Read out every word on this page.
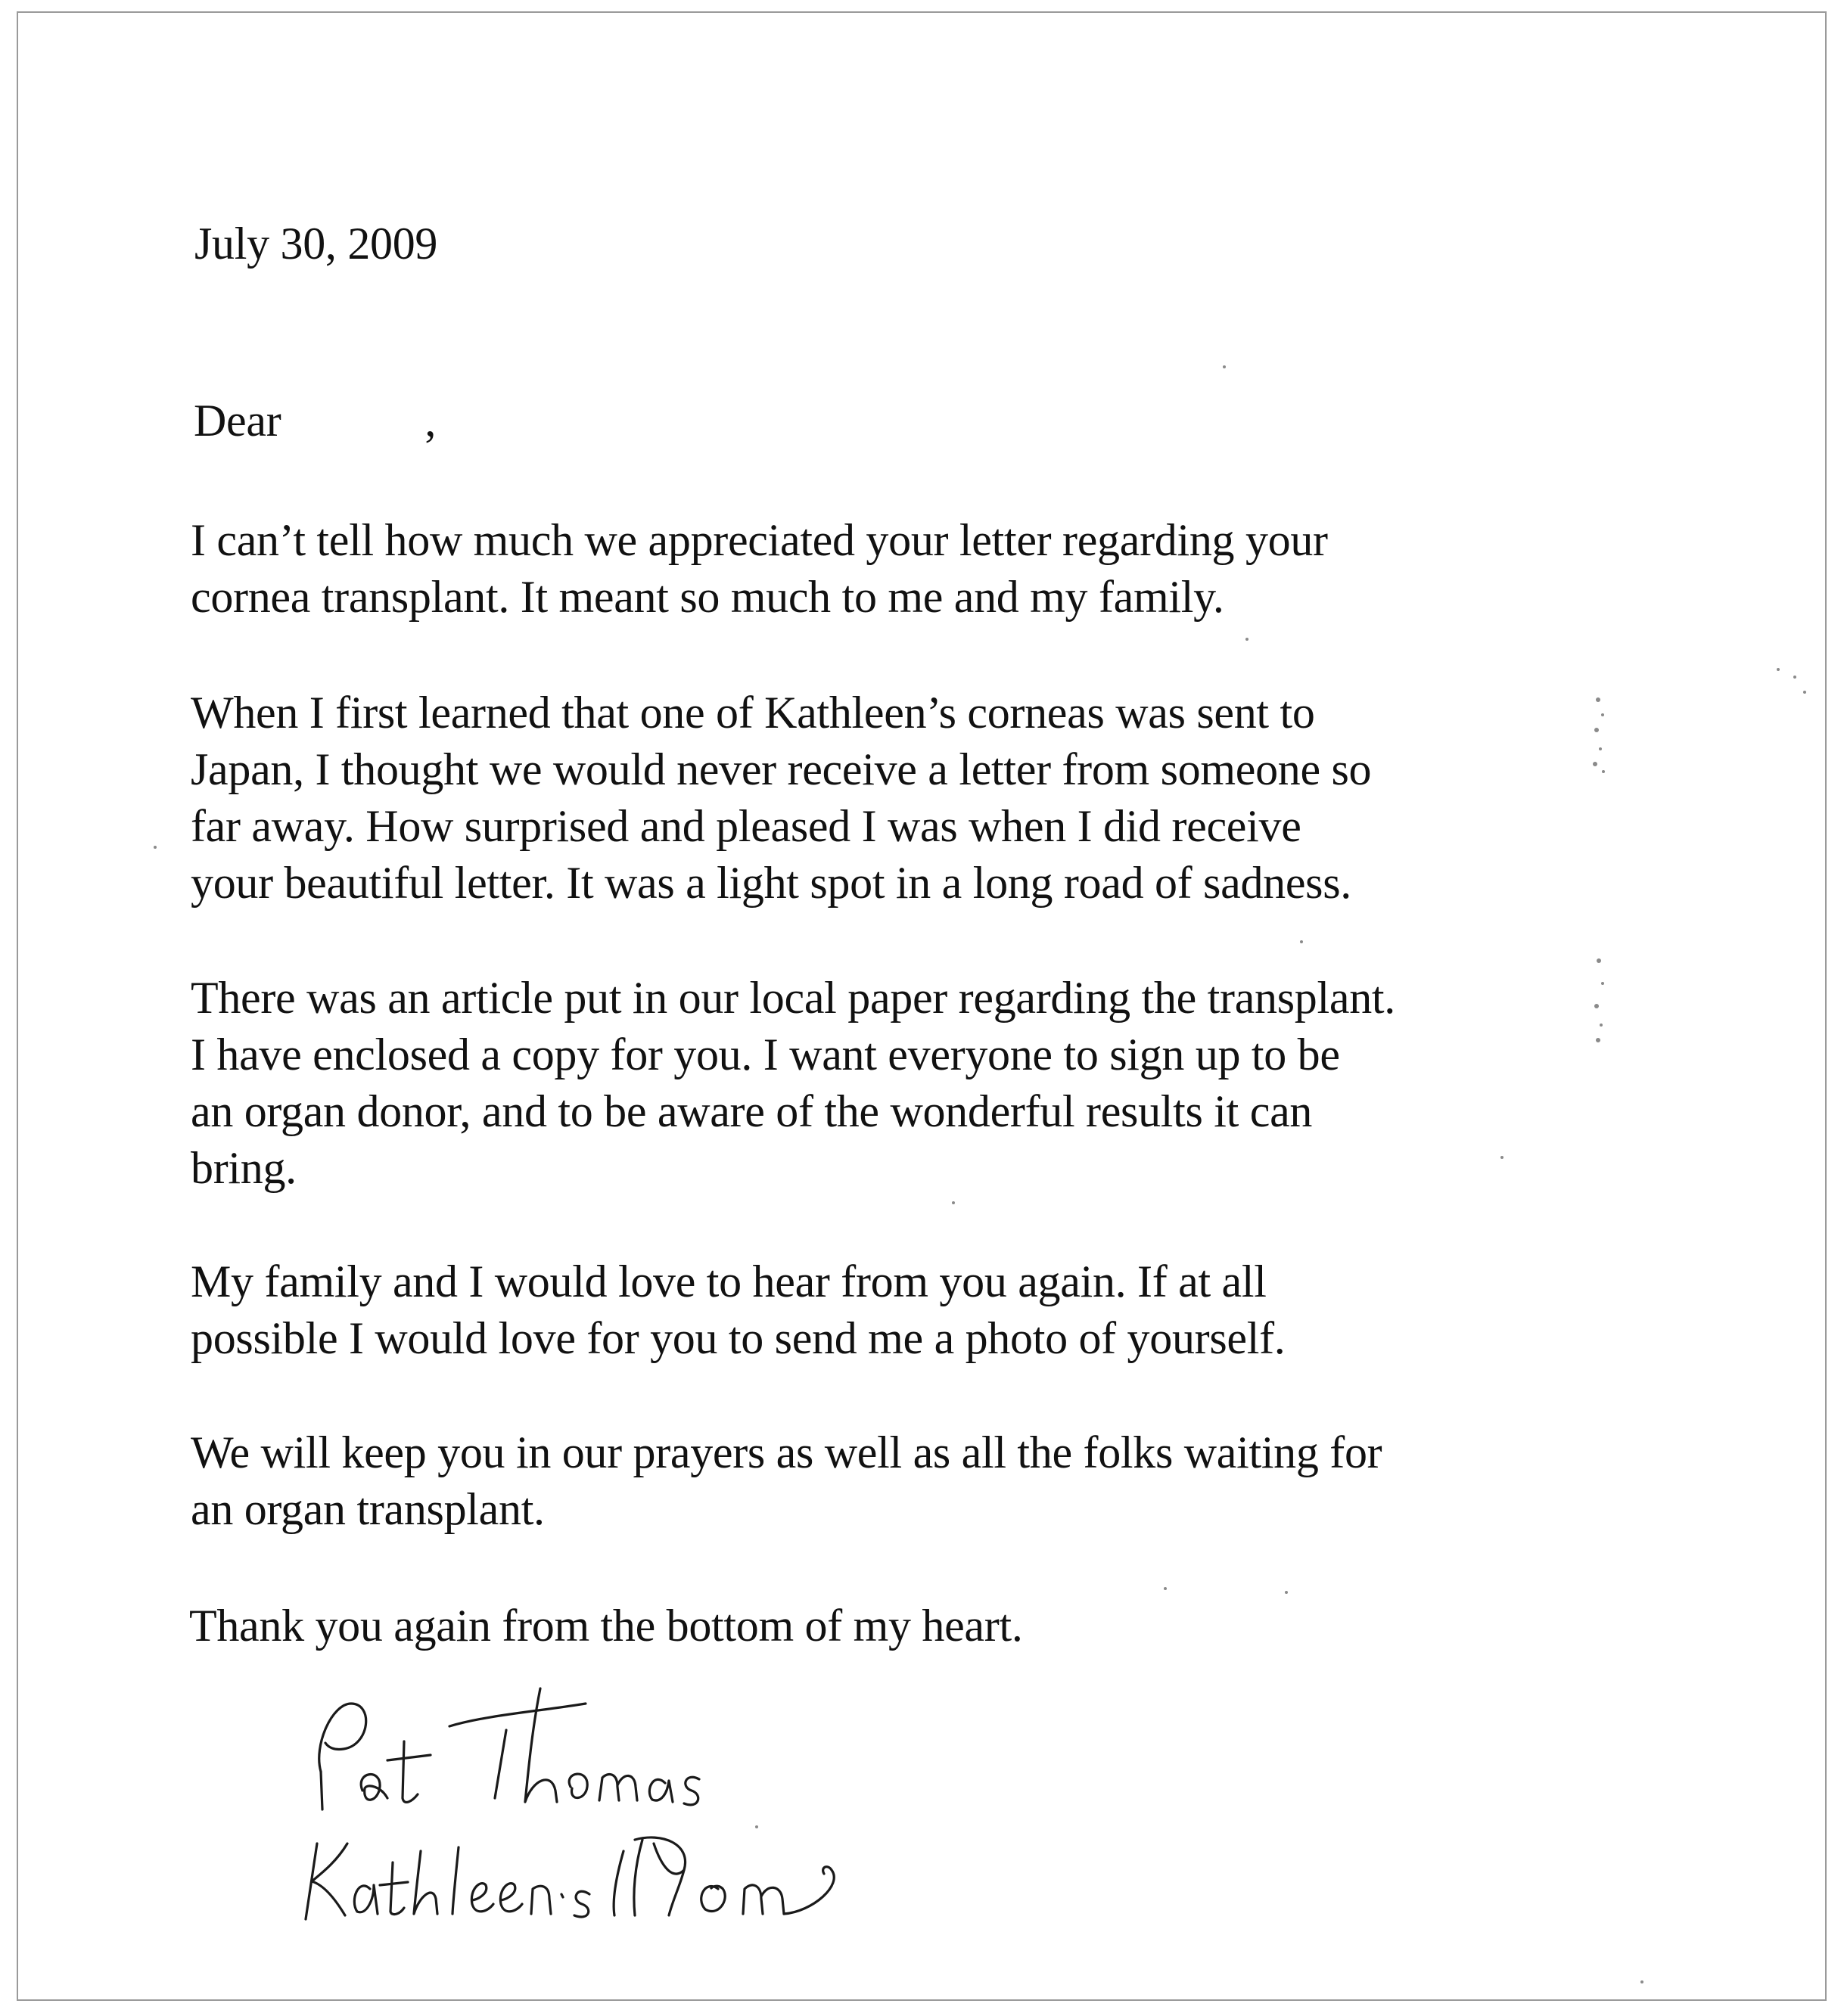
July 30, 2009
Dear	,

I can’t tell how much we appreciated your letter regarding your
cornea transplant. It meant so much to me and my family.

When I first learned that one of Kathleen’s corneas was sent to
Japan, I thought we would never receive a letter from someone so
far away. How surprised and pleased I was when I did receive
your beautiful letter. It was a light spot in a long road of sadness.

There was an article put in our local paper regarding the transplant.
I have enclosed a copy for you. I want everyone to sign up to be
an organ donor, and to be aware of the wonderful results it can
bring.

My family and I would love to hear from you again. If at all
possible I would love for you to send me a photo of yourself.

We will keep you in our prayers as well as all the folks waiting for
an organ transplant.

Thank you again from the bottom of my heart.
